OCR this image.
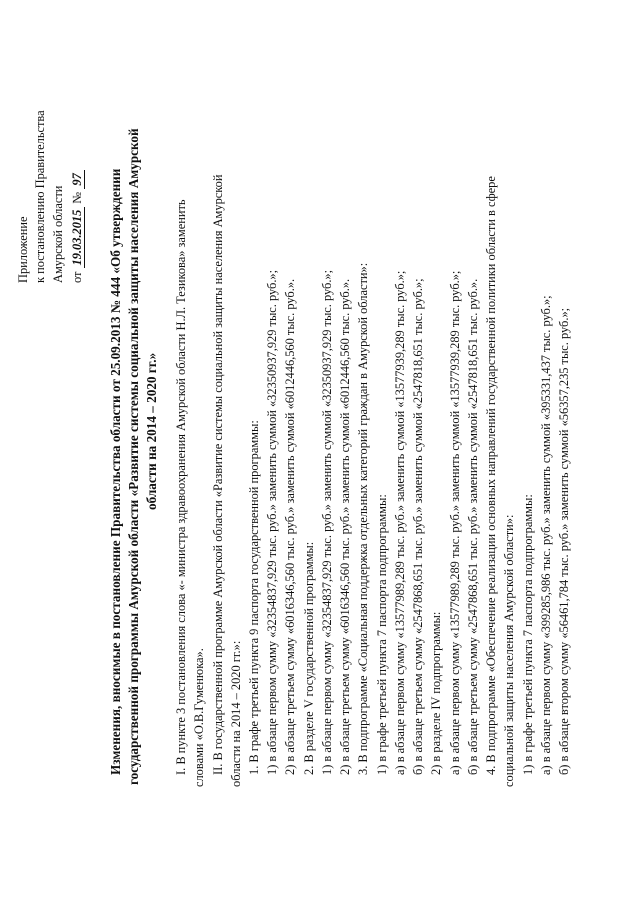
Приложение к постановлению Правительства Амурской области от 19.03.2015 № 97 Изменения, вносимые в постановление Правительства области от 25.09.2013 № 444 «Об утверждении государственной программы Амурской области «Развитие системы социальной защиты населения Амурской области на 2014 – 2020 гг.» I. В пункте 3 постановления слова «- министра здравоохранения Амурской области Н.Л. Тезикова» заменить словами «О.В.Гуменюка». II. В государственной программе Амурской области «Развитие системы социальной защиты населения Амурской области на 2014 – 2020 гг.»: 1. В графе третьей пункта 9 паспорта государственной программы: 1) в абзаце первом сумму «32354837,929 тыс. руб.» заменить суммой «32350937,929 тыс. руб.»; 2) в абзаце третьем сумму «6016346,560 тыс. руб.» заменить суммой «6012446,560 тыс. руб.». 2. В разделе V государственной программы: 1) в абзаце первом сумму «32354837,929 тыс. руб.» заменить суммой «32350937,929 тыс. руб.»; 2) в абзаце третьем сумму «6016346,560 тыс. руб.» заменить суммой «6012446,560 тыс. руб.». 3. В подпрограмме «Социальная поддержка отдельных категорий граждан в Амурской области»: 1) в графе третьей пункта 7 паспорта подпрограммы: а) в абзаце первом сумму «13577989,289 тыс. руб.» заменить суммой «13577939,289 тыс. руб.»; б) в абзаце третьем сумму «2547868,651 тыс. руб.» заменить суммой «2547818,651 тыс. руб.»; 2) в разделе IV подпрограммы: а) в абзаце первом сумму «13577989,289 тыс. руб.» заменить суммой «13577939,289 тыс. руб.»; б) в абзаце третьем сумму «2547868,651 тыс. руб.» заменить суммой «2547818,651 тыс. руб.». 4. В подпрограмме «Обеспечение реализации основных направлений государственной политики области в сфере социальной защиты населения Амурской области»: 1) в графе третьей пункта 7 паспорта подпрограммы: а) в абзаце первом сумму «399285,986 тыс. руб.» заменить суммой «395331,437 тыс. руб.»; б) в абзаце втором сумму «56461,784 тыс. руб.» заменить суммой «56357,235 тыс. руб.»;
